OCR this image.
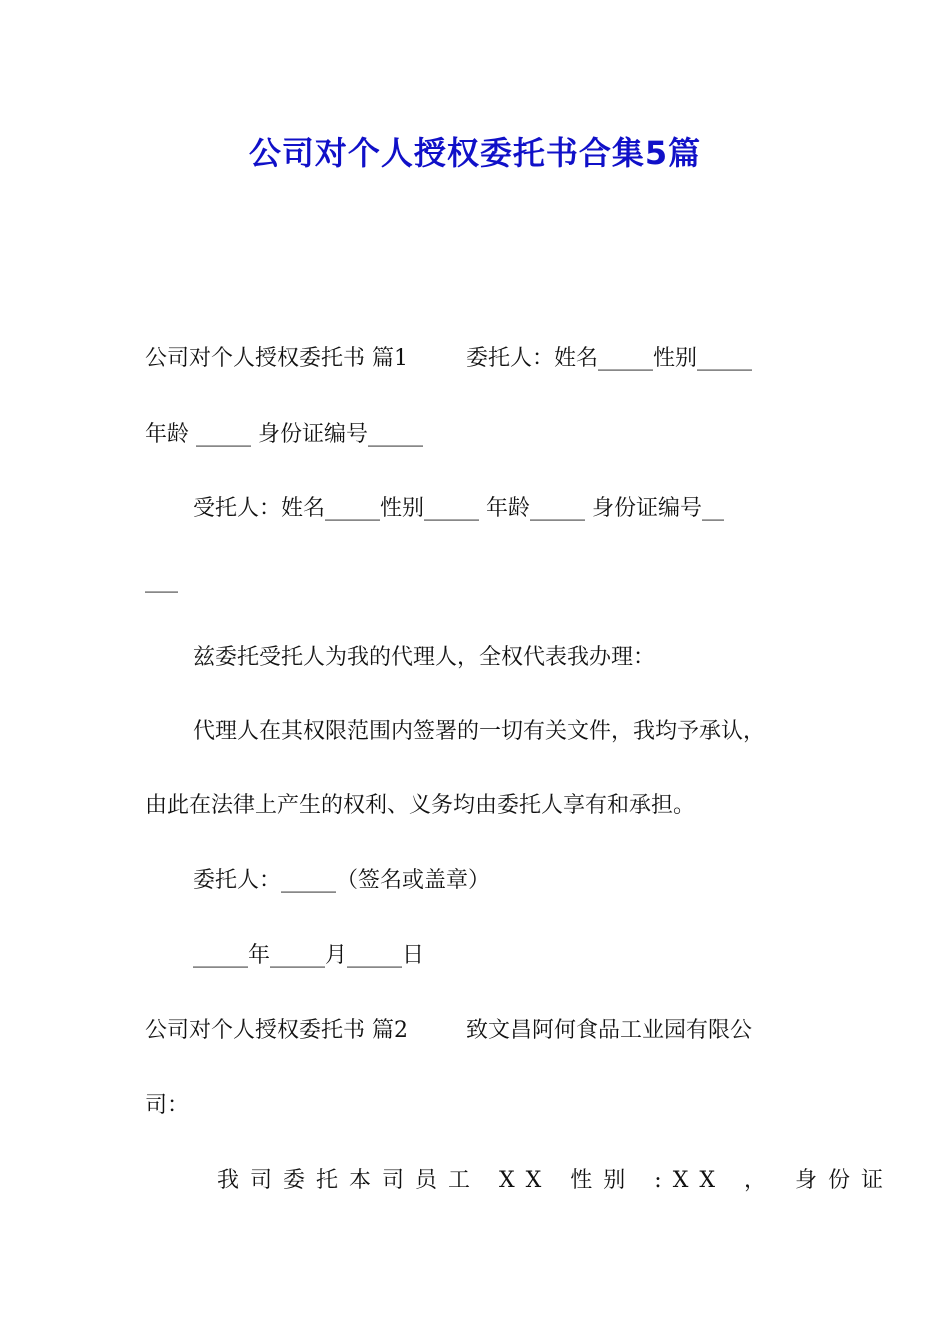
公司对个人授权委托书合集5篇
公司对个人授权委托书 篇1	委托人：姓名_____性别_____
年龄 _____ 身份证编号_____
受托人：姓名_____性别_____ 年龄_____ 身份证编号__
___
兹委托受托人为我的代理人，全权代表我办理：
代理人在其权限范围内签署的一切有关文件，我均予承认，
由此在法律上产生的权利、义务均由委托人享有和承担。
委托人：_____（签名或盖章）
_____年_____月_____日
公司对个人授权委托书 篇2	致文昌阿何食品工业园有限公
司：
我司委托本司员工 XX 性别 :XX ， 身份证
